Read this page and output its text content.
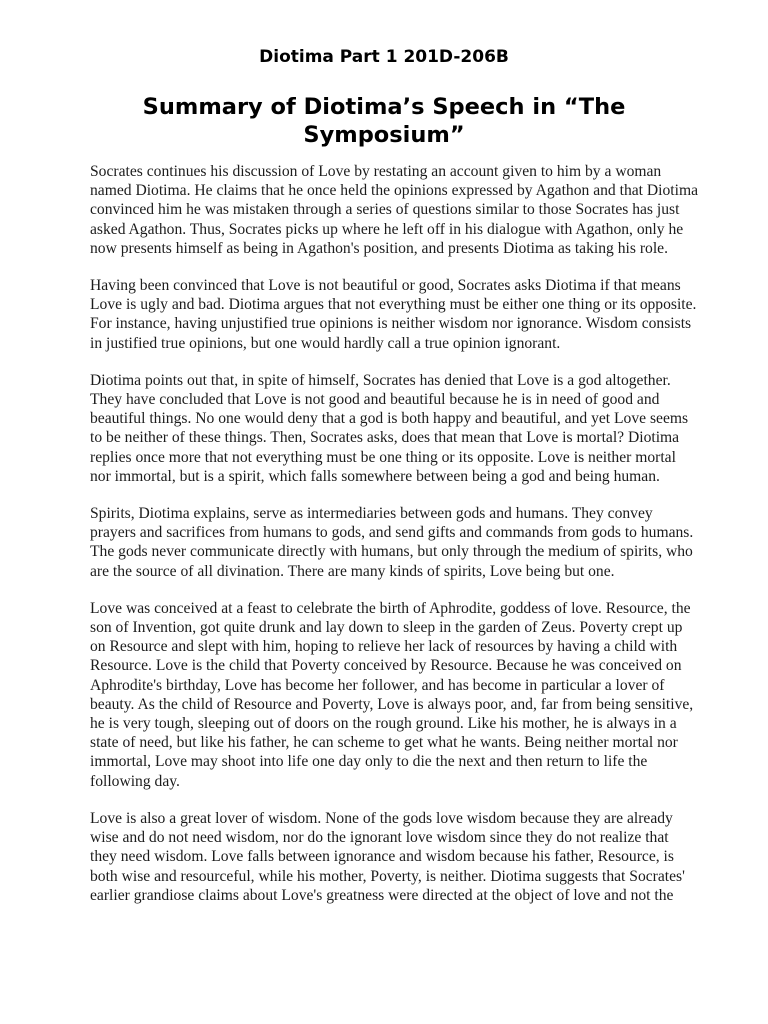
Diotima Part 1 201D-206B
Summary of Diotima’s Speech in “The
Symposium”

Socrates continues his discussion of Love by restating an account given to him by a woman
named Diotima. He claims that he once held the opinions expressed by Agathon and that Diotima
convinced him he was mistaken through a series of questions similar to those Socrates has just
asked Agathon. Thus, Socrates picks up where he left off in his dialogue with Agathon, only he
now presents himself as being in Agathon's position, and presents Diotima as taking his role.

Having been convinced that Love is not beautiful or good, Socrates asks Diotima if that means
Love is ugly and bad. Diotima argues that not everything must be either one thing or its opposite.
For instance, having unjustified true opinions is neither wisdom nor ignorance. Wisdom consists
in justified true opinions, but one would hardly call a true opinion ignorant.

Diotima points out that, in spite of himself, Socrates has denied that Love is a god altogether.
They have concluded that Love is not good and beautiful because he is in need of good and
beautiful things. No one would deny that a god is both happy and beautiful, and yet Love seems
to be neither of these things. Then, Socrates asks, does that mean that Love is mortal? Diotima
replies once more that not everything must be one thing or its opposite. Love is neither mortal
nor immortal, but is a spirit, which falls somewhere between being a god and being human.

Spirits, Diotima explains, serve as intermediaries between gods and humans. They convey
prayers and sacrifices from humans to gods, and send gifts and commands from gods to humans.
The gods never communicate directly with humans, but only through the medium of spirits, who
are the source of all divination. There are many kinds of spirits, Love being but one.

Love was conceived at a feast to celebrate the birth of Aphrodite, goddess of love. Resource, the
son of Invention, got quite drunk and lay down to sleep in the garden of Zeus. Poverty crept up
on Resource and slept with him, hoping to relieve her lack of resources by having a child with
Resource. Love is the child that Poverty conceived by Resource. Because he was conceived on
Aphrodite's birthday, Love has become her follower, and has become in particular a lover of
beauty. As the child of Resource and Poverty, Love is always poor, and, far from being sensitive,
he is very tough, sleeping out of doors on the rough ground. Like his mother, he is always in a
state of need, but like his father, he can scheme to get what he wants. Being neither mortal nor
immortal, Love may shoot into life one day only to die the next and then return to life the
following day.

Love is also a great lover of wisdom. None of the gods love wisdom because they are already
wise and do not need wisdom, nor do the ignorant love wisdom since they do not realize that
they need wisdom. Love falls between ignorance and wisdom because his father, Resource, is
both wise and resourceful, while his mother, Poverty, is neither. Diotima suggests that Socrates'
earlier grandiose claims about Love's greatness were directed at the object of love and not the
